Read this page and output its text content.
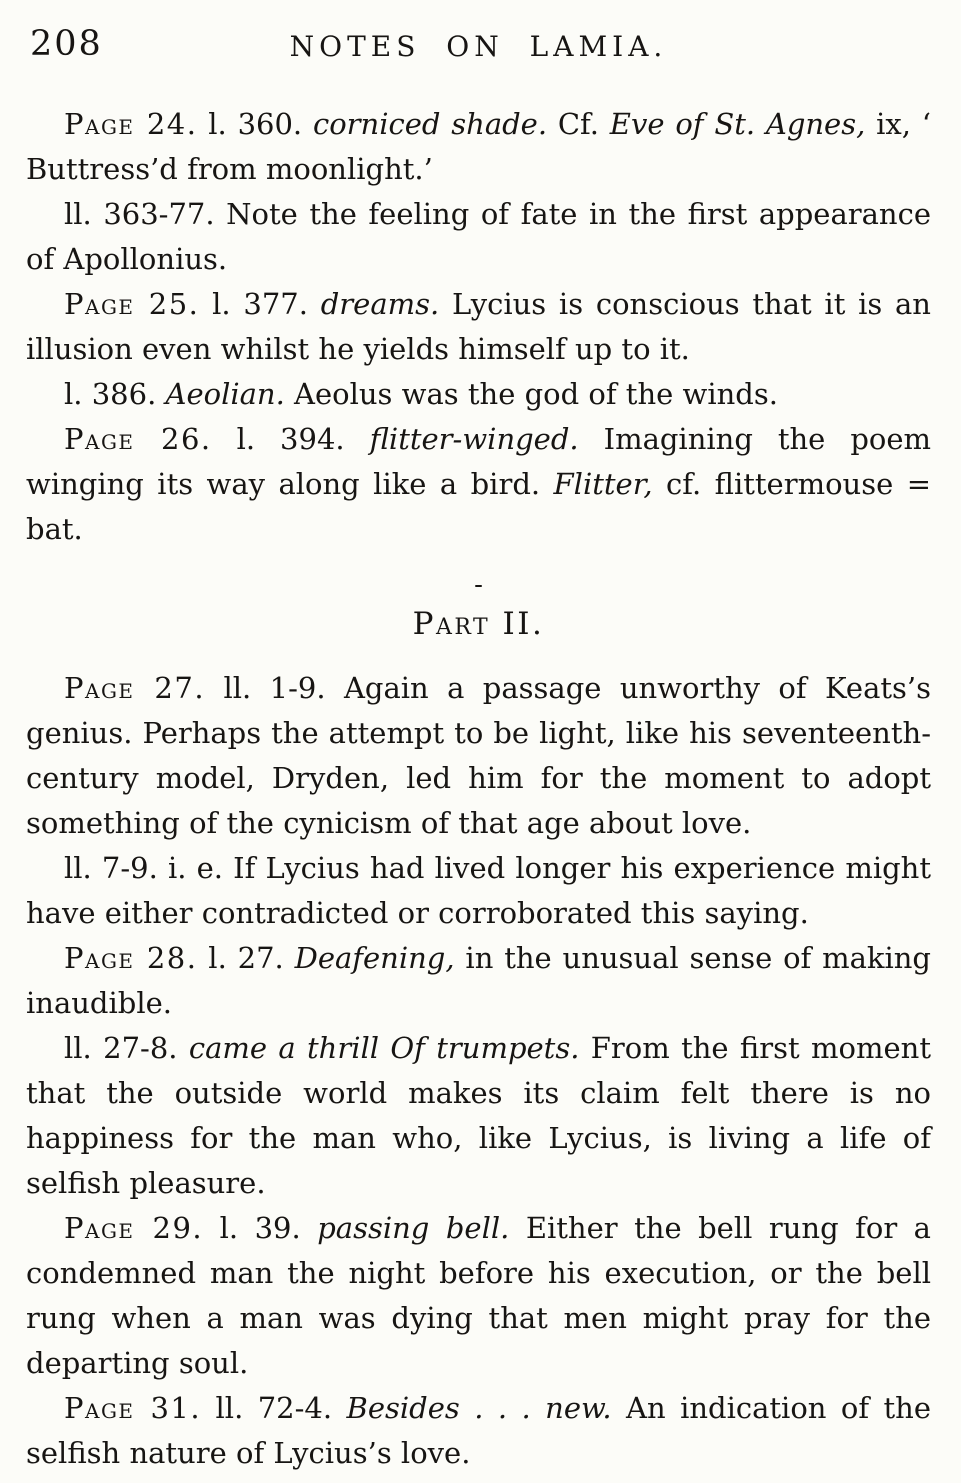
208	NOTES ON LAMIA.

Page 24. l. 360. corniced shade. Cf. Eve of St. Agnes, ix, ‘ Buttress’d from moonlight.’

ll. 363-77. Note the feeling of fate in the first appearance of Apollonius.

Page 25. l. 377. dreams. Lycius is conscious that it is an illusion even whilst he yields himself up to it.

l. 386. Aeolian. Aeolus was the god of the winds.

Page 26. l. 394. flitter-winged. Imagining the poem winging its way along like a bird. Flitter, cf. flittermouse = bat.

-
Part II.

Page 27. ll. 1-9. Again a passage unworthy of Keats’s genius. Perhaps the attempt to be light, like his seventeenth-century model, Dryden, led him for the moment to adopt something of the cynicism of that age about love.

ll. 7-9. i. e. If Lycius had lived longer his experience might have either contradicted or corroborated this saying.

Page 28. l. 27. Deafening, in the unusual sense of making inaudible.

ll. 27-8. came a thrill Of trumpets. From the first moment that the outside world makes its claim felt there is no happiness for the man who, like Lycius, is living a life of selfish pleasure.

Page 29. l. 39. passing bell. Either the bell rung for a condemned man the night before his execution, or the bell rung when a man was dying that men might pray for the departing soul.

Page 31. ll. 72-4. Besides . . . new. An indication of the selfish nature of Lycius’s love.
